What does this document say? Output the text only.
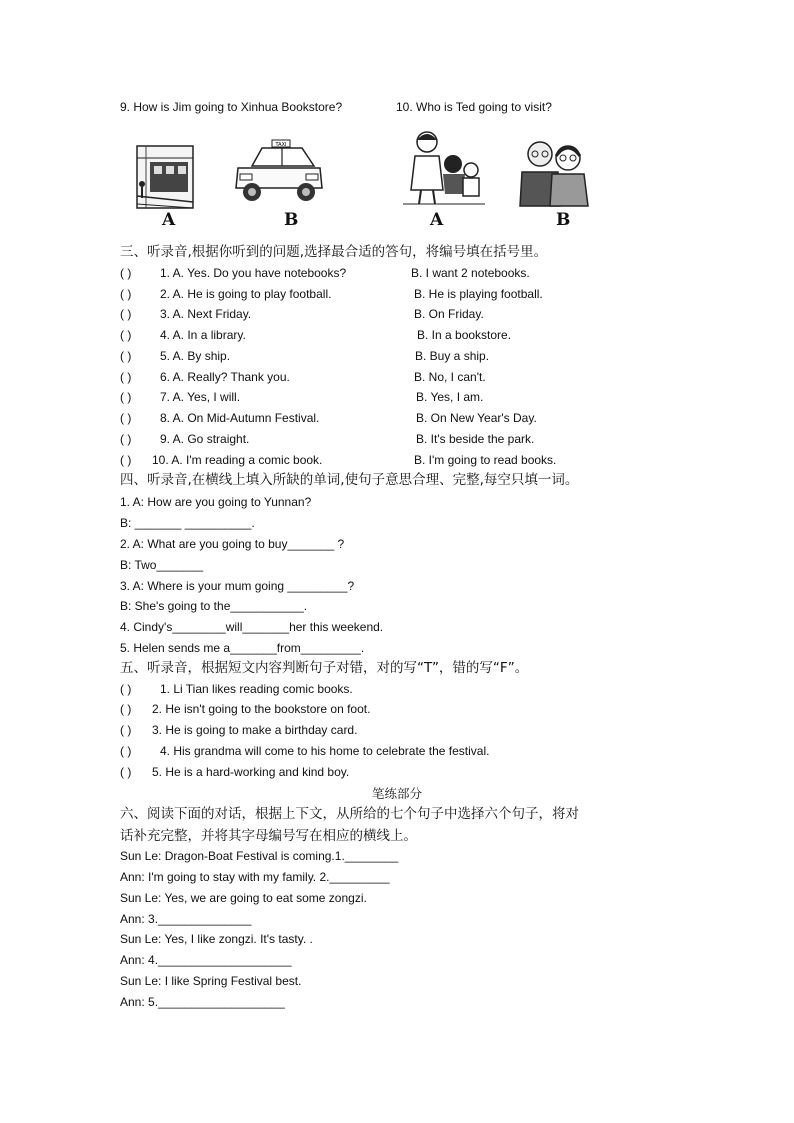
9. How is Jim going to Xinhua Bookstore?	10. Who is Ted going to visit?
A
TAXI
B	A	B
三、听录音,根据你听到的问题,选择最合适的答句，将编号填在括号里。
( ) 1. A. Yes. Do you have notebooks?	B. I want 2 notebooks.
( ) 2. A. He is going to play football.	B. He is playing football.
( ) 3. A. Next Friday.	B. On Friday.
( ) 4. A. In a library.	B. In a bookstore.
( ) 5. A. By ship.	B. Buy a ship.
( ) 6. A. Really? Thank you.	B. No, I can't.
( ) 7. A. Yes, I will.	B. Yes, I am.
( ) 8. A. On Mid-Autumn Festival.	B. On New Year's Day.
( ) 9. A. Go straight.	B. It's beside the park.
( ) 10. A. I'm reading a comic book.	B. I'm going to read books.
四、听录音,在横线上填入所缺的单词,使句子意思合理、完整,每空只填一词。
1. A: How are you going to Yunnan?
B: _______ __________.
2. A: What are you going to buy_______ ?
B: Two_______
3. A: Where is your mum going _________?
B: She's going to the___________.
4. Cindy's________will_______her this weekend.
5. Helen sends me a_______from_________.
五、听录音，根据短文内容判断句子对错，对的写“T”，错的写“F”。
( ) 1. Li Tian likes reading comic books.
( ) 2. He isn't going to the bookstore on foot.
( ) 3. He is going to make a birthday card.
( ) 4. His grandma will come to his home to celebrate the festival.
( ) 5. He is a hard-working and kind boy.
笔练部分
六、阅读下面的对话，根据上下文，从所给的七个句子中选择六个句子，将对
话补充完整，并将其字母编号写在相应的横线上。
Sun Le: Dragon-Boat Festival is coming.1.________
Ann: I'm going to stay with my family. 2._________
Sun Le: Yes, we are going to eat some zongzi.
Ann: 3.______________
Sun Le: Yes, I like zongzi. It's tasty. .
Ann: 4.____________________
Sun Le: I like Spring Festival best.
Ann: 5.___________________
